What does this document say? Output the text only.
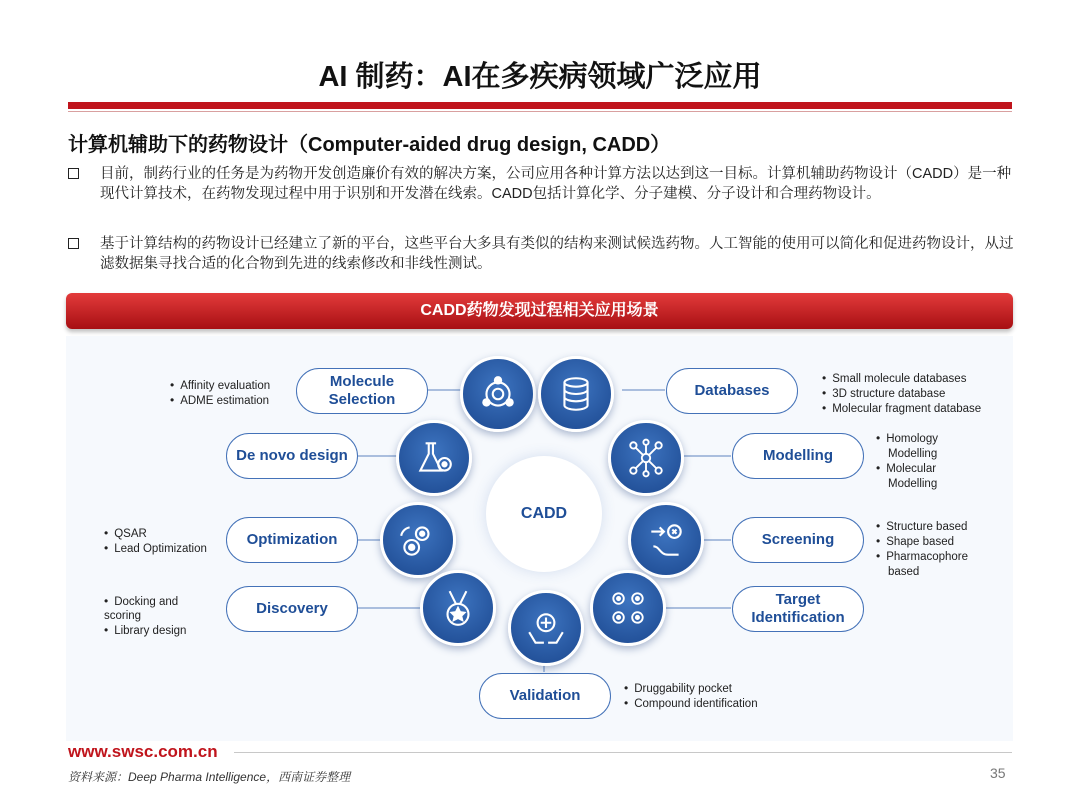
AI 制药：AI在多疾病领域广泛应用
计算机辅助下的药物设计（Computer-aided drug design, CADD）
目前，制药行业的任务是为药物开发创造廉价有效的解决方案，公司应用各种计算方法以达到这一目标。计算机辅助药物设计（CADD）是一种现代计算技术，在药物发现过程中用于识别和开发潜在线索。CADD包括计算化学、分子建模、分子设计和合理药物设计。
基于计算结构的药物设计已经建立了新的平台，这些平台大多具有类似的结构来测试候选药物。人工智能的使用可以简化和促进药物设计，从过滤数据集寻找合适的化合物到先进的线索修改和非线性测试。
CADD药物发现过程相关应用场景
CADD
Molecule Selection
De novo design
Optimization
Discovery
Databases
Modelling
Screening
Target Identification
Validation
• Affinity evaluation
• ADME estimation
• QSAR
• Lead Optimization
• Docking and scoring
• Library design
• Small molecule databases
• 3D structure database
• Molecular fragment database
• Homology
Modelling
• Molecular
Modelling
• Structure based
• Shape based
• Pharmacophore
based
• Druggability pocket
• Compound identification
www.swsc.com.cn
资料来源：Deep Pharma Intelligence，西南证券整理	35
